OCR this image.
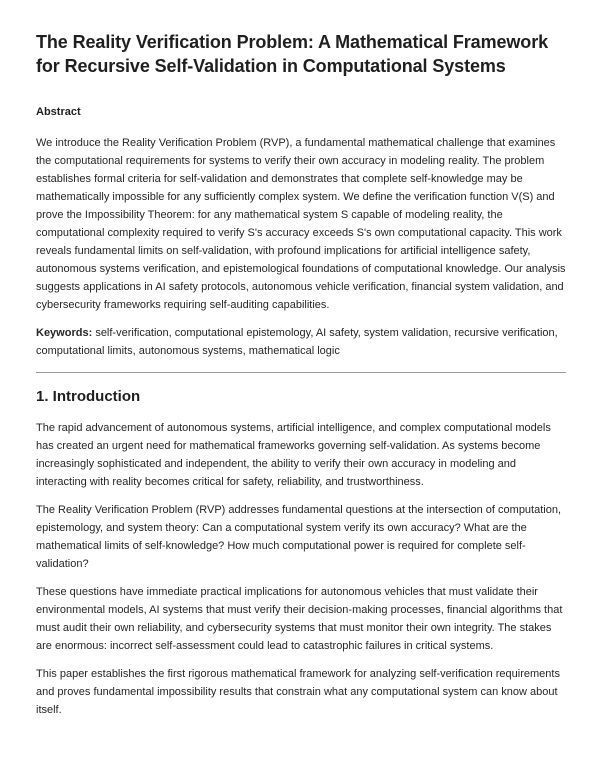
The Reality Verification Problem: A Mathematical Framework for Recursive Self-Validation in Computational Systems
Abstract

We introduce the Reality Verification Problem (RVP), a fundamental mathematical challenge that examines the computational requirements for systems to verify their own accuracy in modeling reality. The problem establishes formal criteria for self-validation and demonstrates that complete self-knowledge may be mathematically impossible for any sufficiently complex system. We define the verification function V(S) and prove the Impossibility Theorem: for any mathematical system S capable of modeling reality, the computational complexity required to verify S's accuracy exceeds S's own computational capacity. This work reveals fundamental limits on self-validation, with profound implications for artificial intelligence safety, autonomous systems verification, and epistemological foundations of computational knowledge. Our analysis suggests applications in AI safety protocols, autonomous vehicle verification, financial system validation, and cybersecurity frameworks requiring self-auditing capabilities.

Keywords: self-verification, computational epistemology, AI safety, system validation, recursive verification, computational limits, autonomous systems, mathematical logic

1. Introduction

The rapid advancement of autonomous systems, artificial intelligence, and complex computational models has created an urgent need for mathematical frameworks governing self-validation. As systems become increasingly sophisticated and independent, the ability to verify their own accuracy in modeling and interacting with reality becomes critical for safety, reliability, and trustworthiness.

The Reality Verification Problem (RVP) addresses fundamental questions at the intersection of computation, epistemology, and system theory: Can a computational system verify its own accuracy? What are the mathematical limits of self-knowledge? How much computational power is required for complete self-validation?

These questions have immediate practical implications for autonomous vehicles that must validate their environmental models, AI systems that must verify their decision-making processes, financial algorithms that must audit their own reliability, and cybersecurity systems that must monitor their own integrity. The stakes are enormous: incorrect self-assessment could lead to catastrophic failures in critical systems.

This paper establishes the first rigorous mathematical framework for analyzing self-verification requirements and proves fundamental impossibility results that constrain what any computational system can know about itself.
